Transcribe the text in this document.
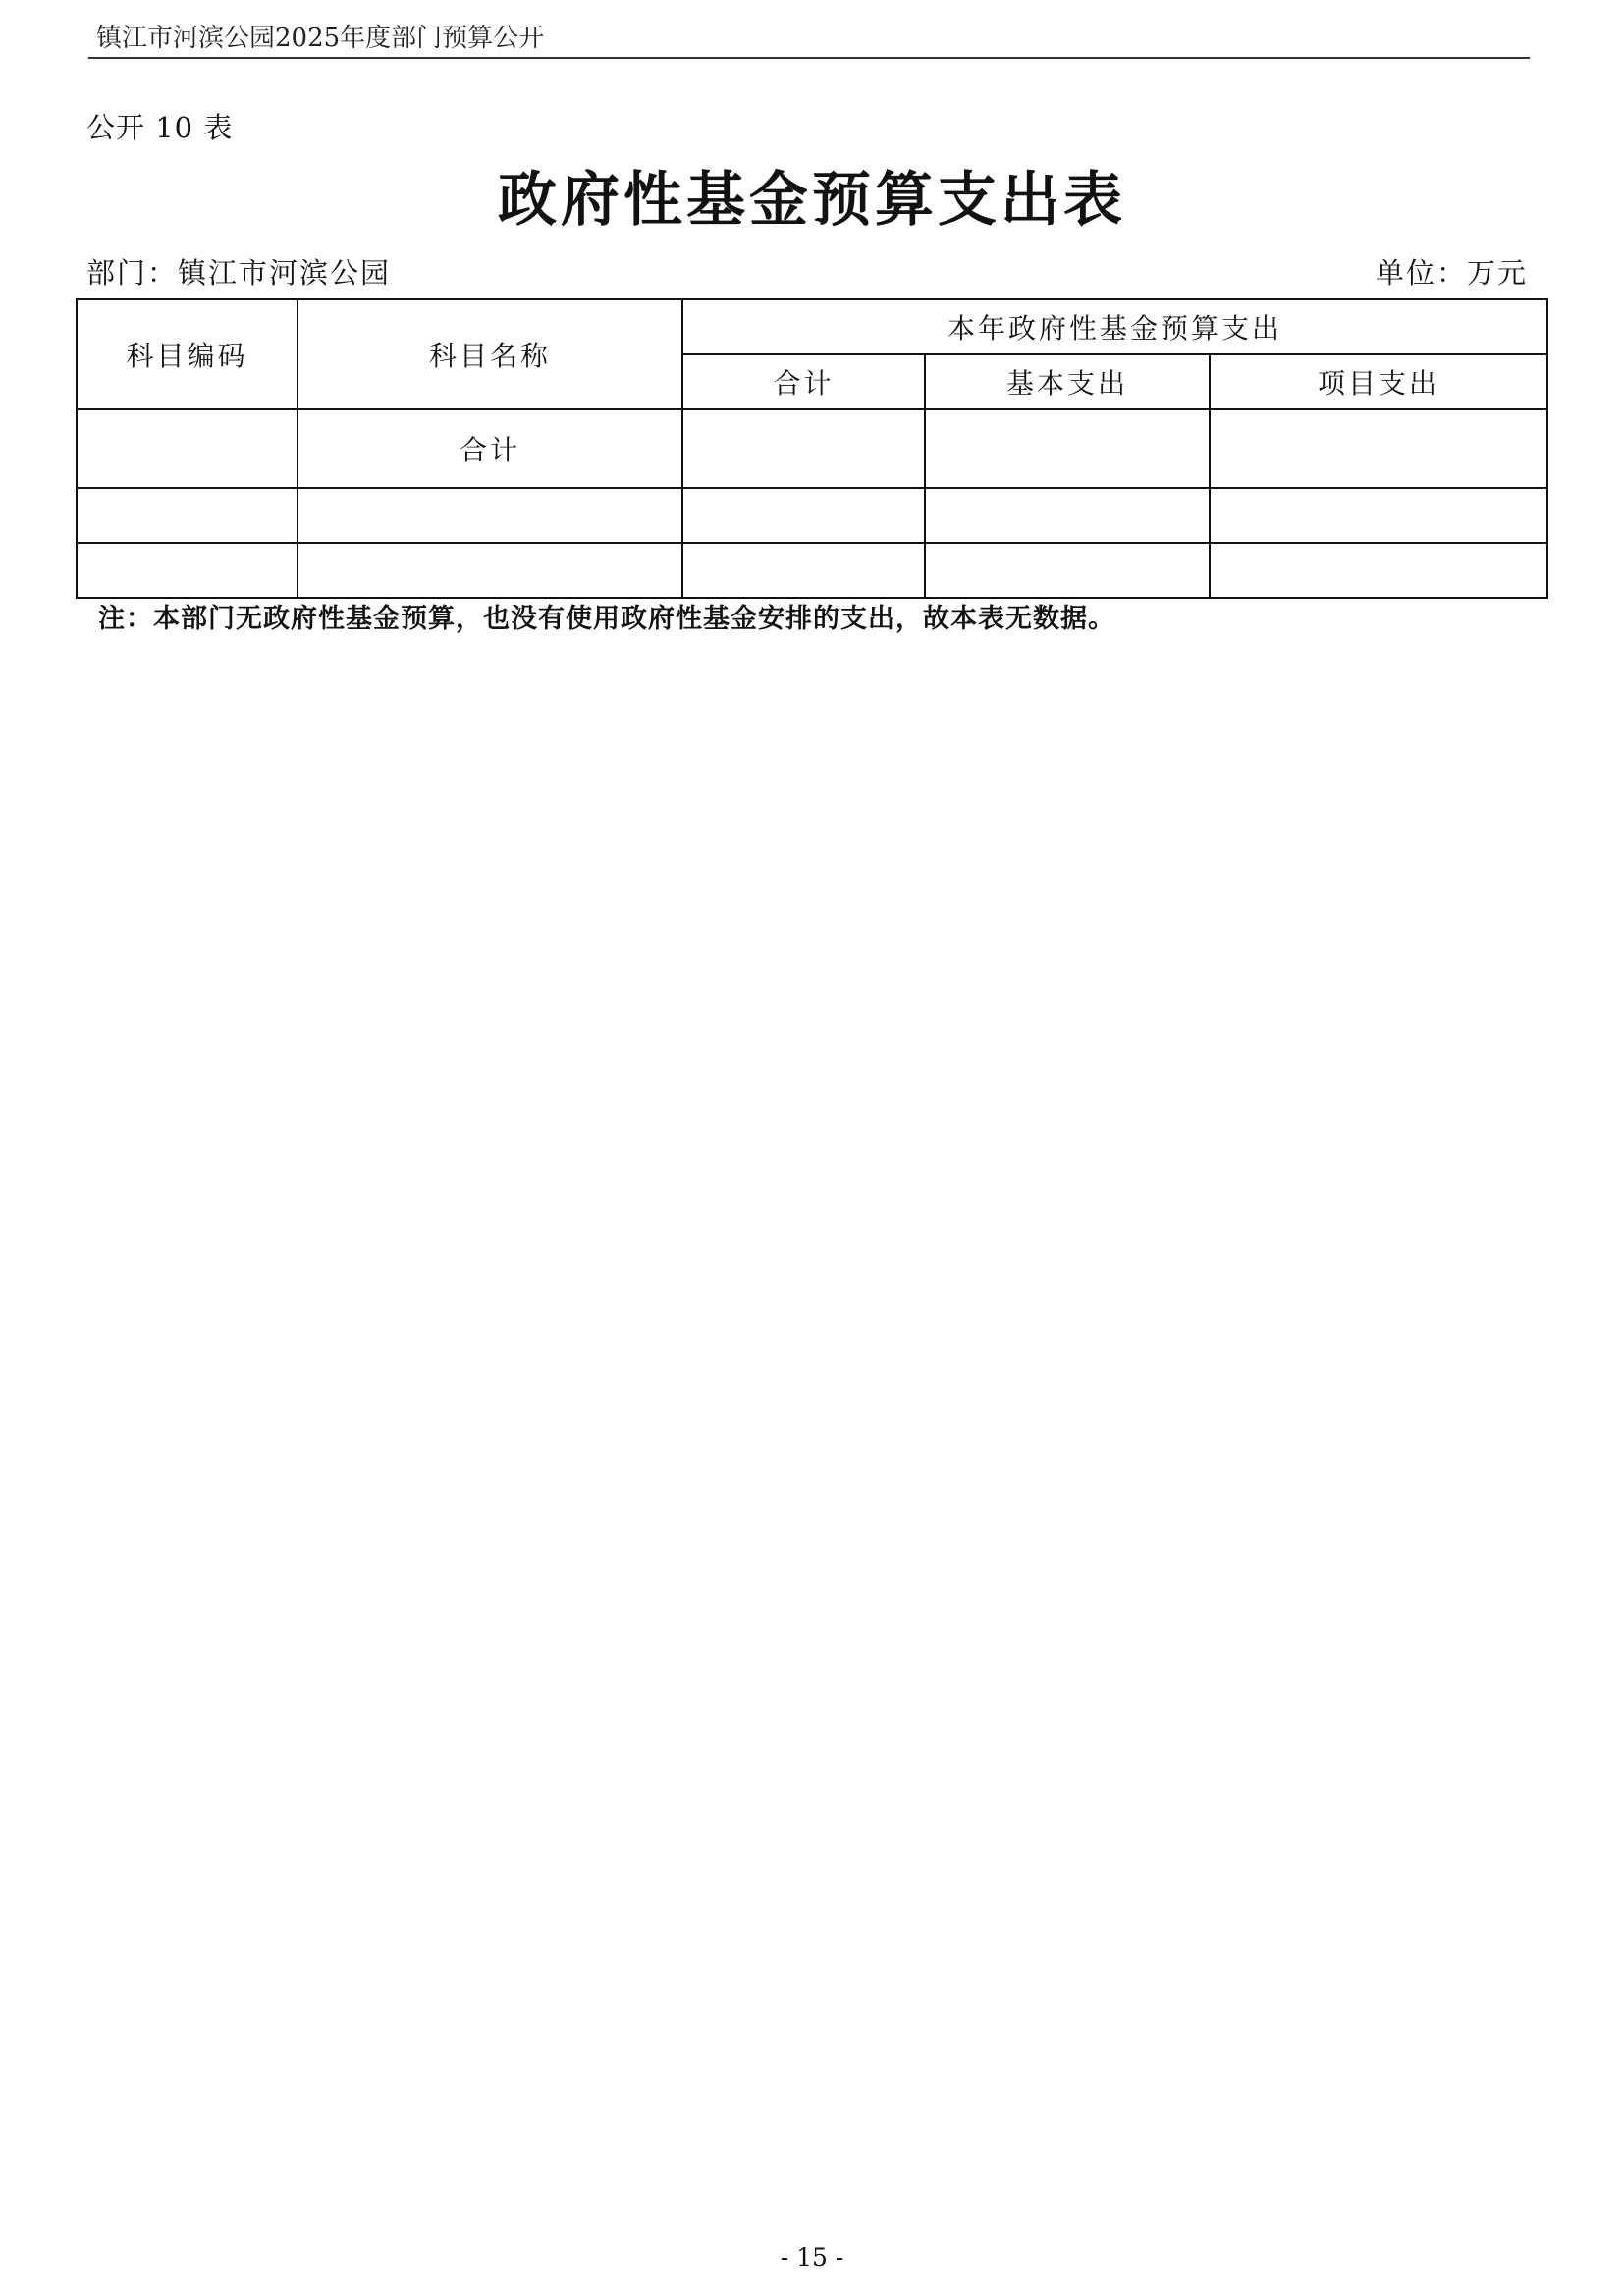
镇江市河滨公园2025年度部门预算公开
公开 10 表
政府性基金预算支出表
部门：镇江市河滨公园	单位：万元
科目编码	科目名称	本年政府性基金预算支出		
		合计	基本支出	项目支出
	合计			

注：本部门无政府性基金预算，也没有使用政府性基金安排的支出，故本表无数据。
- 15 -
